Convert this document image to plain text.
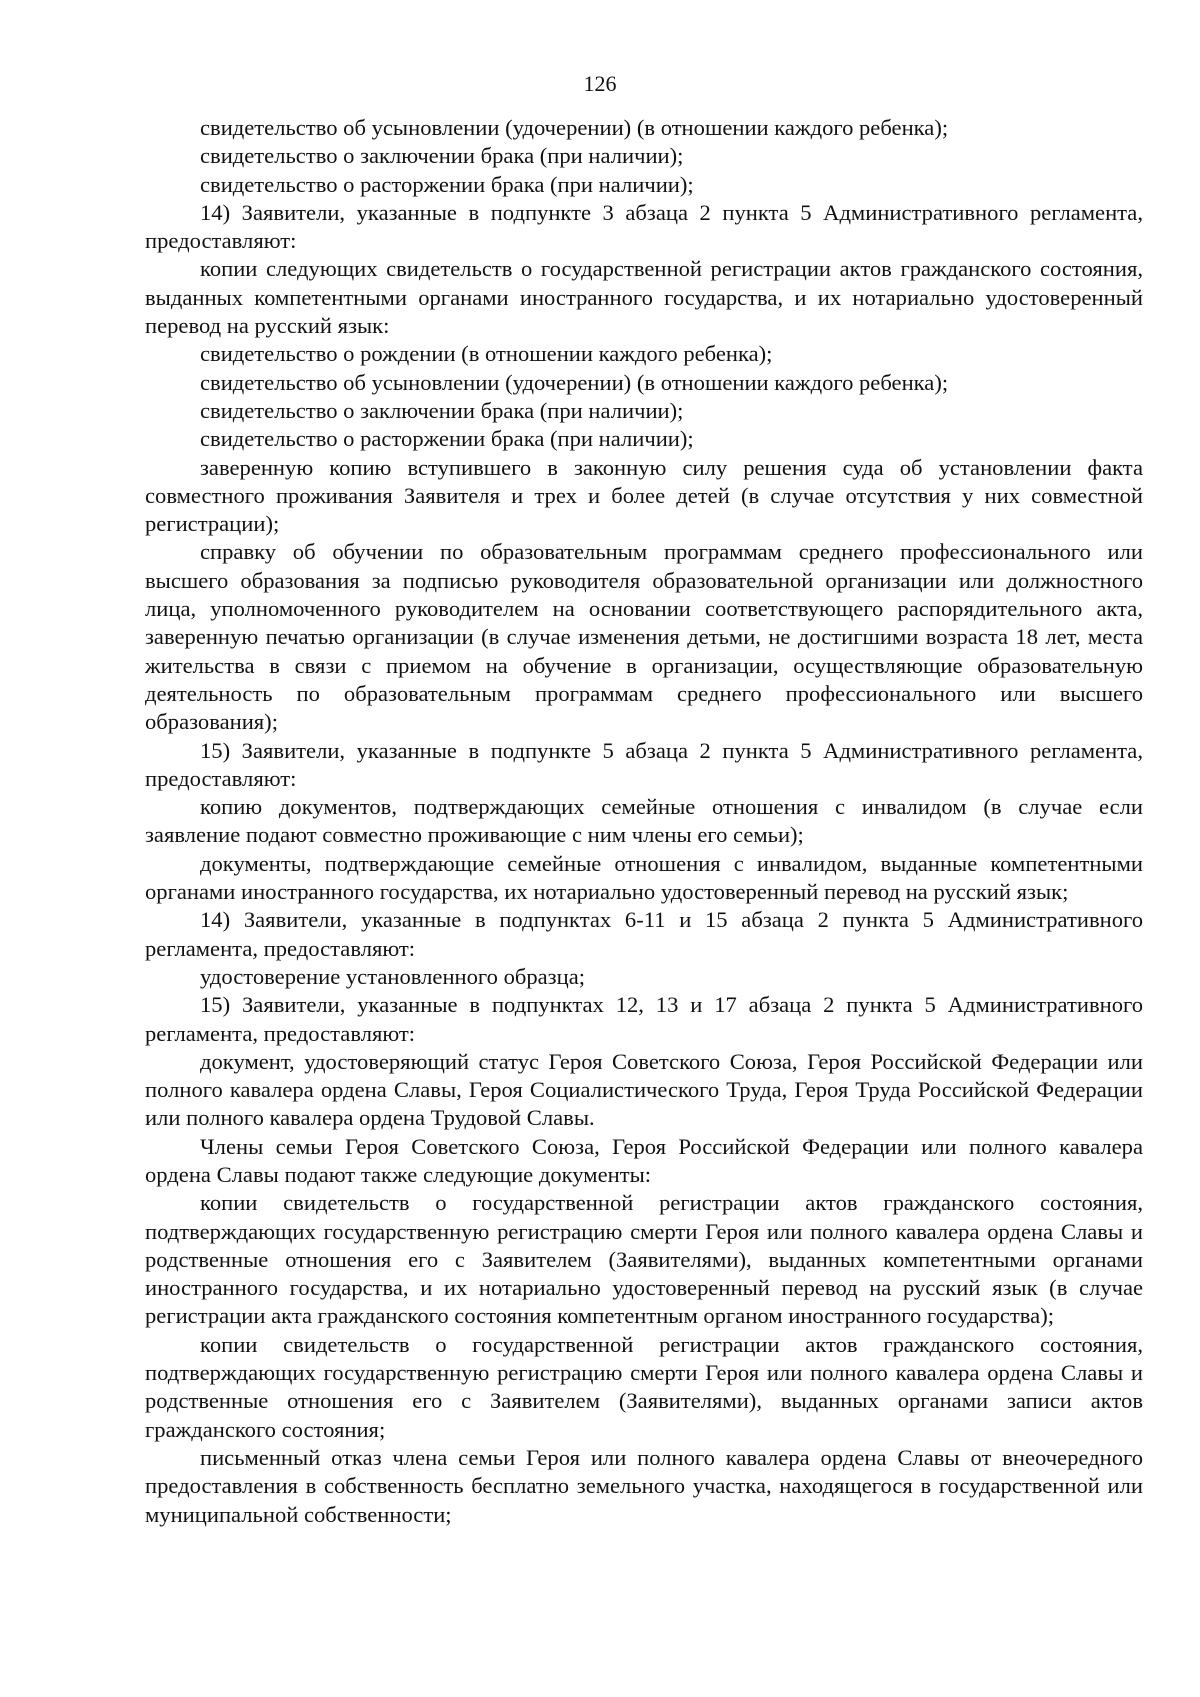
126

свидетельство об усыновлении (удочерении) (в отношении каждого ребенка);

свидетельство о заключении брака (при наличии);

свидетельство о расторжении брака (при наличии);

14) Заявители, указанные в подпункте 3 абзаца 2 пункта 5 Административного регламента, предоставляют:

копии следующих свидетельств о государственной регистрации актов гражданского состояния, выданных компетентными органами иностранного государства, и их нотариально удостоверенный перевод на русский язык:

свидетельство о рождении (в отношении каждого ребенка);

свидетельство об усыновлении (удочерении) (в отношении каждого ребенка);

свидетельство о заключении брака (при наличии);

свидетельство о расторжении брака (при наличии);

заверенную копию вступившего в законную силу решения суда об установлении факта совместного проживания Заявителя и трех и более детей (в случае отсутствия у них совместной регистрации);

справку об обучении по образовательным программам среднего профессионального или высшего образования за подписью руководителя образовательной организации или должностного лица, уполномоченного руководителем на основании соответствующего распорядительного акта, заверенную печатью организации (в случае изменения детьми, не достигшими возраста 18 лет, места жительства в связи с приемом на обучение в организации, осуществляющие образовательную деятельность по образовательным программам среднего профессионального или высшего образования);

15) Заявители, указанные в подпункте 5 абзаца 2 пункта 5 Административного регламента, предоставляют:

копию документов, подтверждающих семейные отношения с инвалидом (в случае если заявление подают совместно проживающие с ним члены его семьи);

документы, подтверждающие семейные отношения с инвалидом, выданные компетентными органами иностранного государства, их нотариально удостоверенный перевод на русский язык;

14) Заявители, указанные в подпунктах 6-11 и 15 абзаца 2 пункта 5 Административного регламента, предоставляют:

удостоверение установленного образца;

15) Заявители, указанные в подпунктах 12, 13 и 17 абзаца 2 пункта 5 Административного регламента, предоставляют:

документ, удостоверяющий статус Героя Советского Союза, Героя Российской Федерации или полного кавалера ордена Славы, Героя Социалистического Труда, Героя Труда Российской Федерации или полного кавалера ордена Трудовой Славы.

Члены семьи Героя Советского Союза, Героя Российской Федерации или полного кавалера ордена Славы подают также следующие документы:

копии свидетельств о государственной регистрации актов гражданского состояния, подтверждающих государственную регистрацию смерти Героя или полного кавалера ордена Славы и родственные отношения его с Заявителем (Заявителями), выданных компетентными органами иностранного государства, и их нотариально удостоверенный перевод на русский язык (в случае регистрации акта гражданского состояния компетентным органом иностранного государства);

копии свидетельств о государственной регистрации актов гражданского состояния, подтверждающих государственную регистрацию смерти Героя или полного кавалера ордена Славы и родственные отношения его с Заявителем (Заявителями), выданных органами записи актов гражданского состояния;

письменный отказ члена семьи Героя или полного кавалера ордена Славы от внеочередного предоставления в собственность бесплатно земельного участка, находящегося в государственной или муниципальной собственности;
